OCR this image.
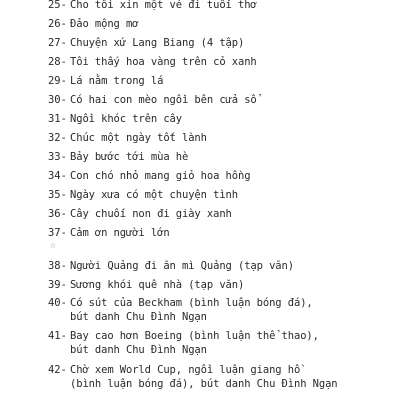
25- Cho tôi xin một vé đi tuổi thơ
26- Đảo mộng mơ
27- Chuyện xứ Lang Biang (4 tập)
28- Tôi thấy hoa vàng trên cỏ xanh
29- Lá nằm trong lá
30- Có hai con mèo ngồi bên cửa sổ
31- Ngồi khóc trên cây
32- Chúc một ngày tốt lành
33- Bảy bước tới mùa hè
34- Con chó nhỏ mang giỏ hoa hồng
35- Ngày xưa có một chuyện tình
36- Cây chuối non đi giày xanh
37- Cảm ơn người lớn
38- Người Quảng đi ăn mì Quảng (tạp văn)
39- Sương khói quê nhà (tạp văn)
40- Có sút của Beckham (bình luận bóng đá),
bút danh Chu Đình Ngạn
41- Bay cao hơn Boeing (bình luận thể thao),
bút danh Chu Đình Ngạn
42- Chờ xem World Cup, ngồi luận giang hồ
(bình luận bóng đá), bút danh Chu Đình Ngạn
☆
